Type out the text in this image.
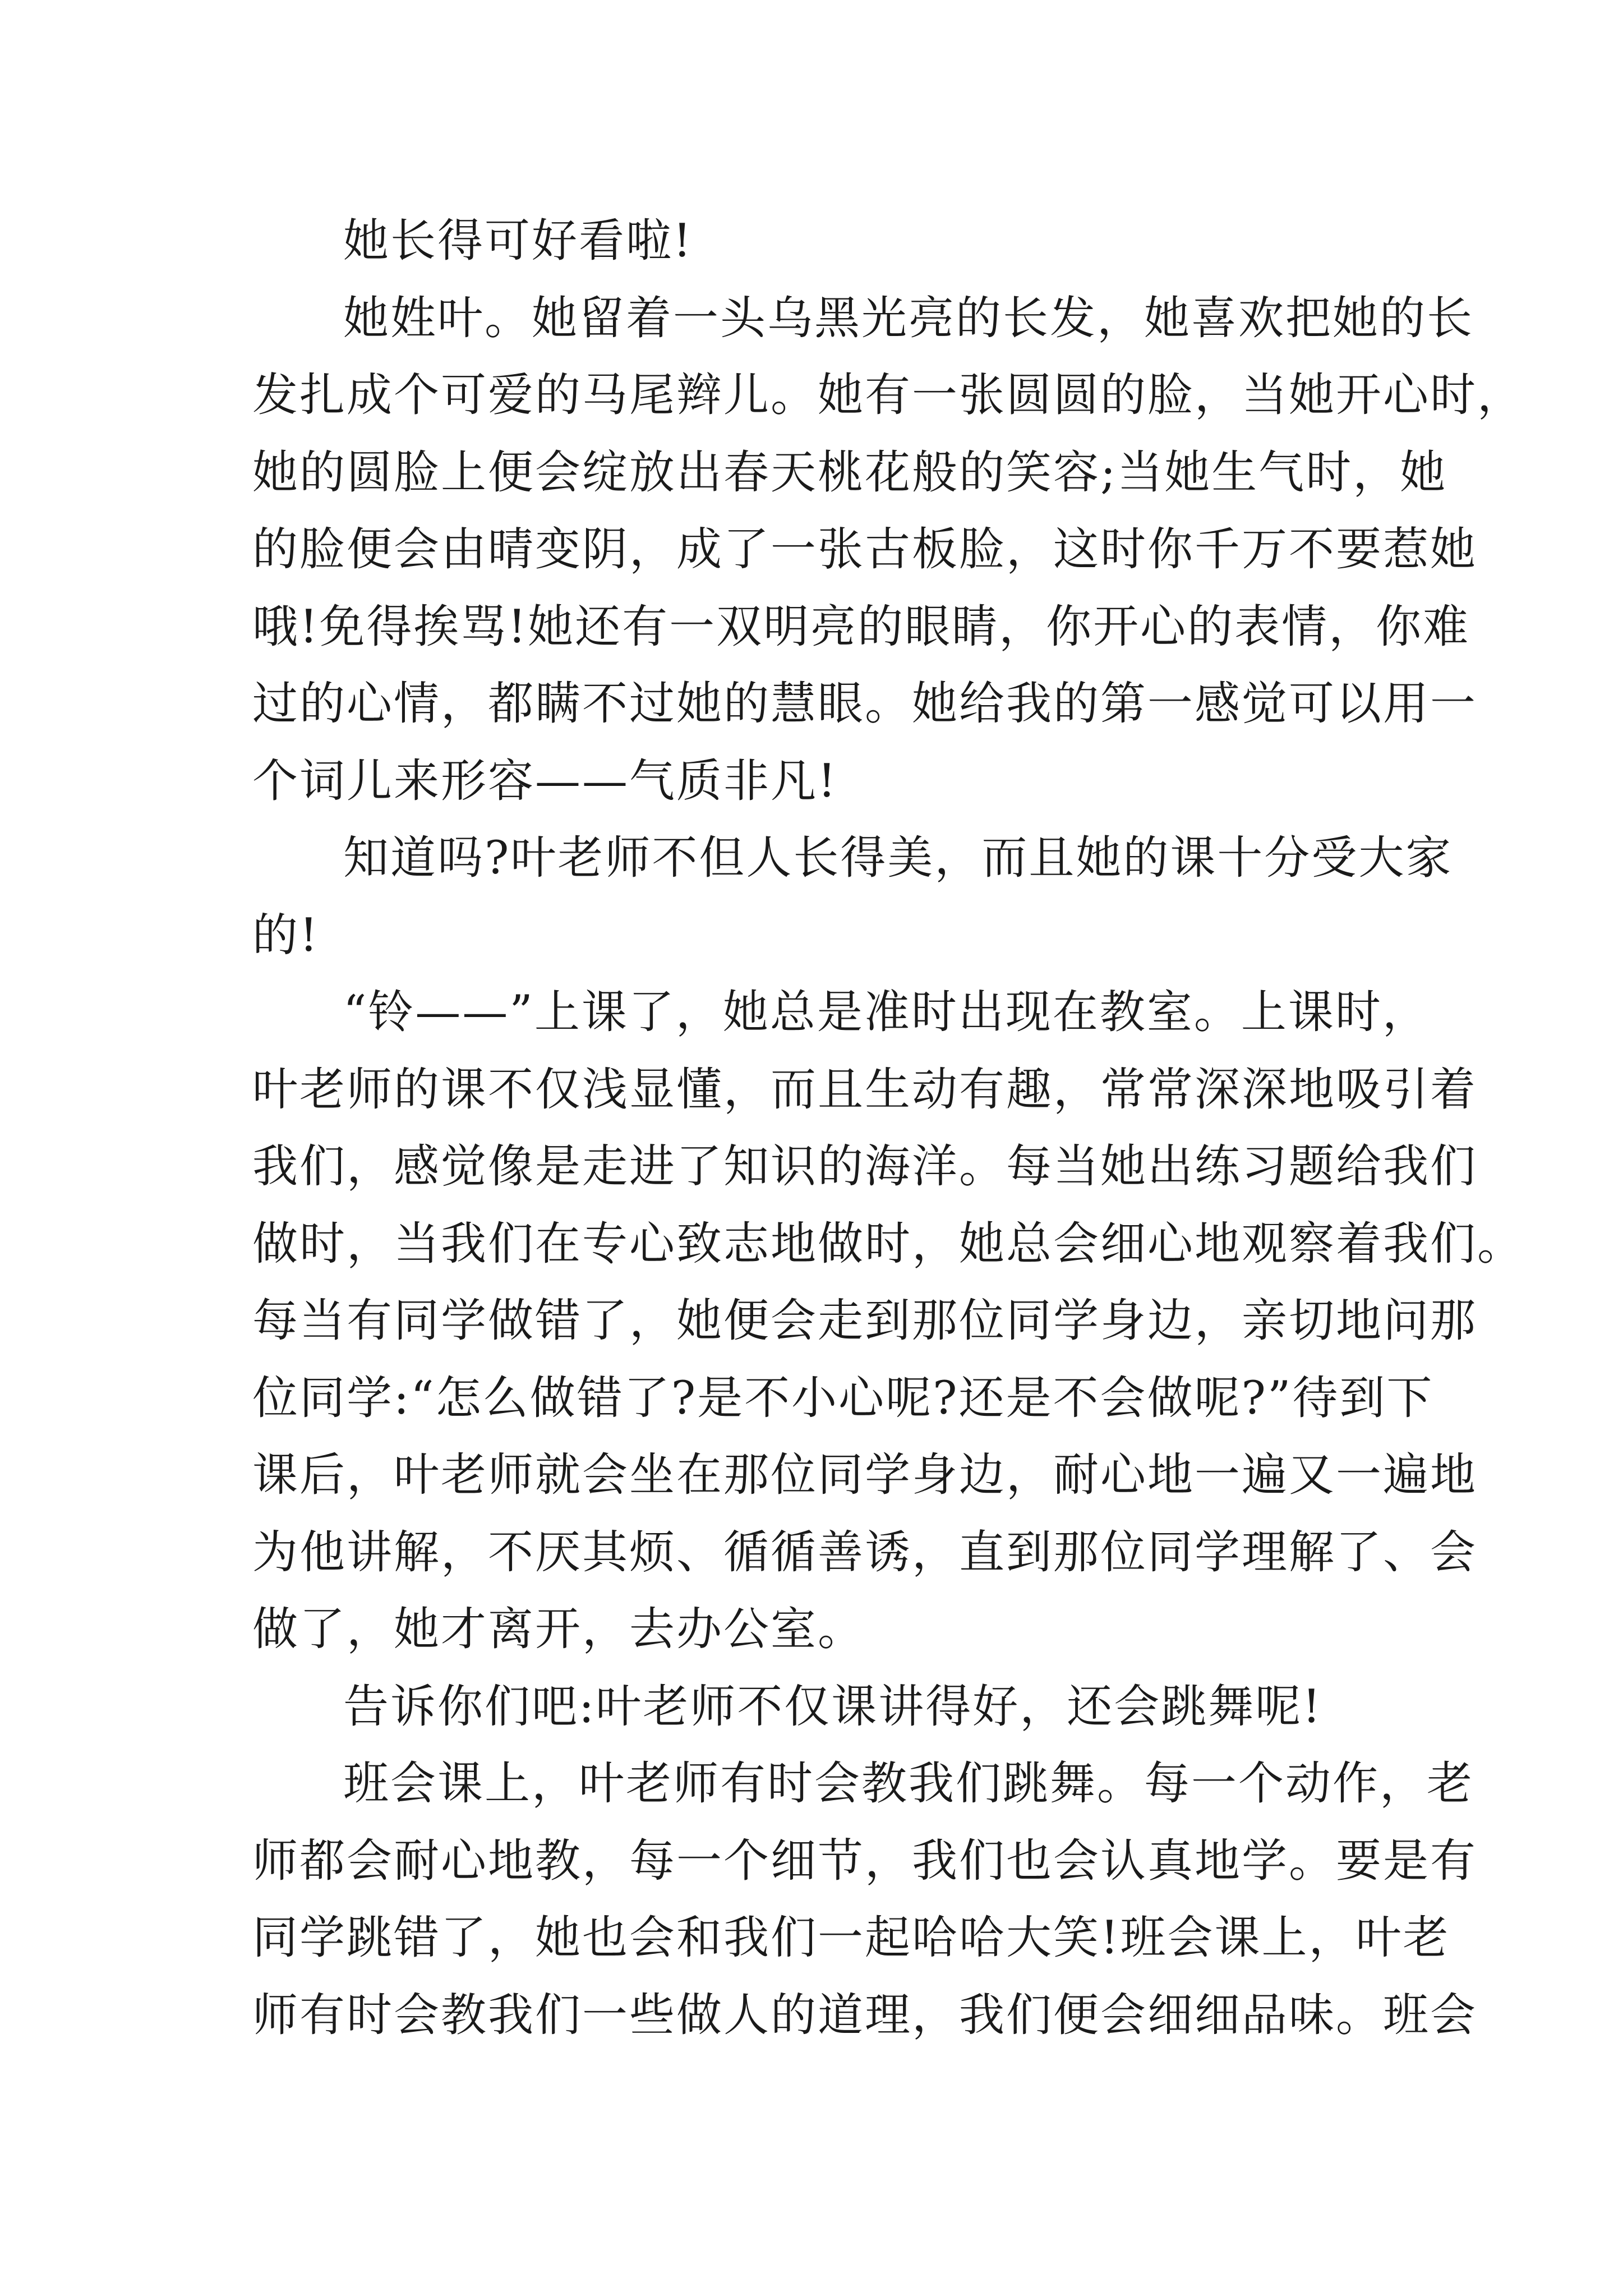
她长得可好看啦!
她姓叶。她留着一头乌黑光亮的长发，她喜欢把她的长
发扎成个可爱的马尾辫儿。她有一张圆圆的脸，当她开心时，
她的圆脸上便会绽放出春天桃花般的笑容;当她生气时，她
的脸便会由晴变阴，成了一张古板脸，这时你千万不要惹她
哦!免得挨骂!她还有一双明亮的眼睛，你开心的表情，你难
过的心情，都瞒不过她的慧眼。她给我的第一感觉可以用一
个词儿来形容——气质非凡!
知道吗?叶老师不但人长得美，而且她的课十分受大家
的!
“铃——”上课了，她总是准时出现在教室。上课时，
叶老师的课不仅浅显懂，而且生动有趣，常常深深地吸引着
我们，感觉像是走进了知识的海洋。每当她出练习题给我们
做时，当我们在专心致志地做时，她总会细心地观察着我们。
每当有同学做错了，她便会走到那位同学身边，亲切地问那
位同学:“怎么做错了?是不小心呢?还是不会做呢?”待到下
课后，叶老师就会坐在那位同学身边，耐心地一遍又一遍地
为他讲解，不厌其烦、循循善诱，直到那位同学理解了、会
做了，她才离开，去办公室。
告诉你们吧:叶老师不仅课讲得好，还会跳舞呢!
班会课上，叶老师有时会教我们跳舞。每一个动作，老
师都会耐心地教，每一个细节，我们也会认真地学。要是有
同学跳错了，她也会和我们一起哈哈大笑!班会课上，叶老
师有时会教我们一些做人的道理，我们便会细细品味。班会
